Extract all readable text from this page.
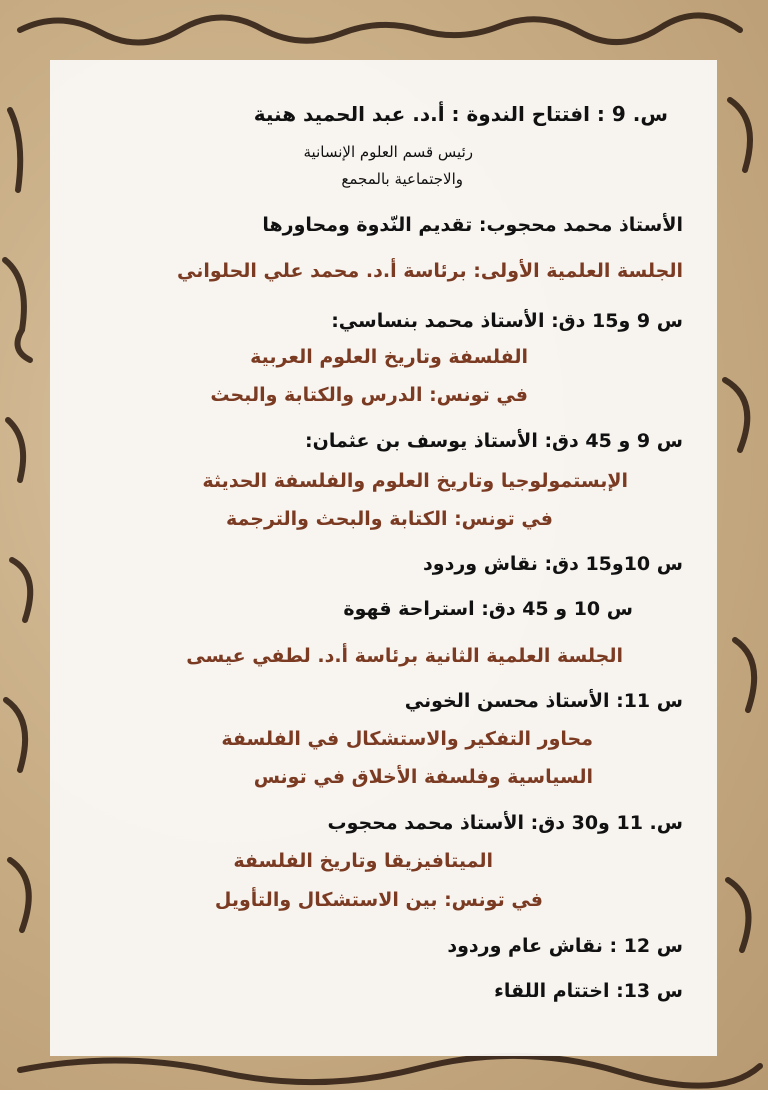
س. 9 : افتتاح الندوة : أ.د. عبد الحميد هنية
رئيس قسم العلوم الإنسانية
والاجتماعية بالمجمع
الأستاذ محمد محجوب: تقديم النّدوة ومحاورها
الجلسة العلمية الأولى: برئاسة أ.د. محمد علي الحلواني
س 9 و15 دق: الأستاذ محمد بنساسي:
الفلسفة وتاريخ العلوم العربية
في تونس: الدرس والكتابة والبحث
س 9 و 45 دق: الأستاذ يوسف بن عثمان:
الإبستمولوجيا وتاريخ العلوم والفلسفة الحديثة
في تونس: الكتابة والبحث والترجمة
س 10و15 دق: نقاش وردود
س 10 و 45 دق: استراحة قهوة
الجلسة العلمية الثانية برئاسة أ.د. لطفي عيسى
س 11: الأستاذ محسن الخوني
محاور التفكير والاستشكال في الفلسفة
السياسية وفلسفة الأخلاق في تونس
س. 11 و30 دق: الأستاذ محمد محجوب
الميتافيزيقا وتاريخ الفلسفة
في تونس: بين الاستشكال والتأويل
س 12 : نقاش عام وردود
س 13: اختتام اللقاء
